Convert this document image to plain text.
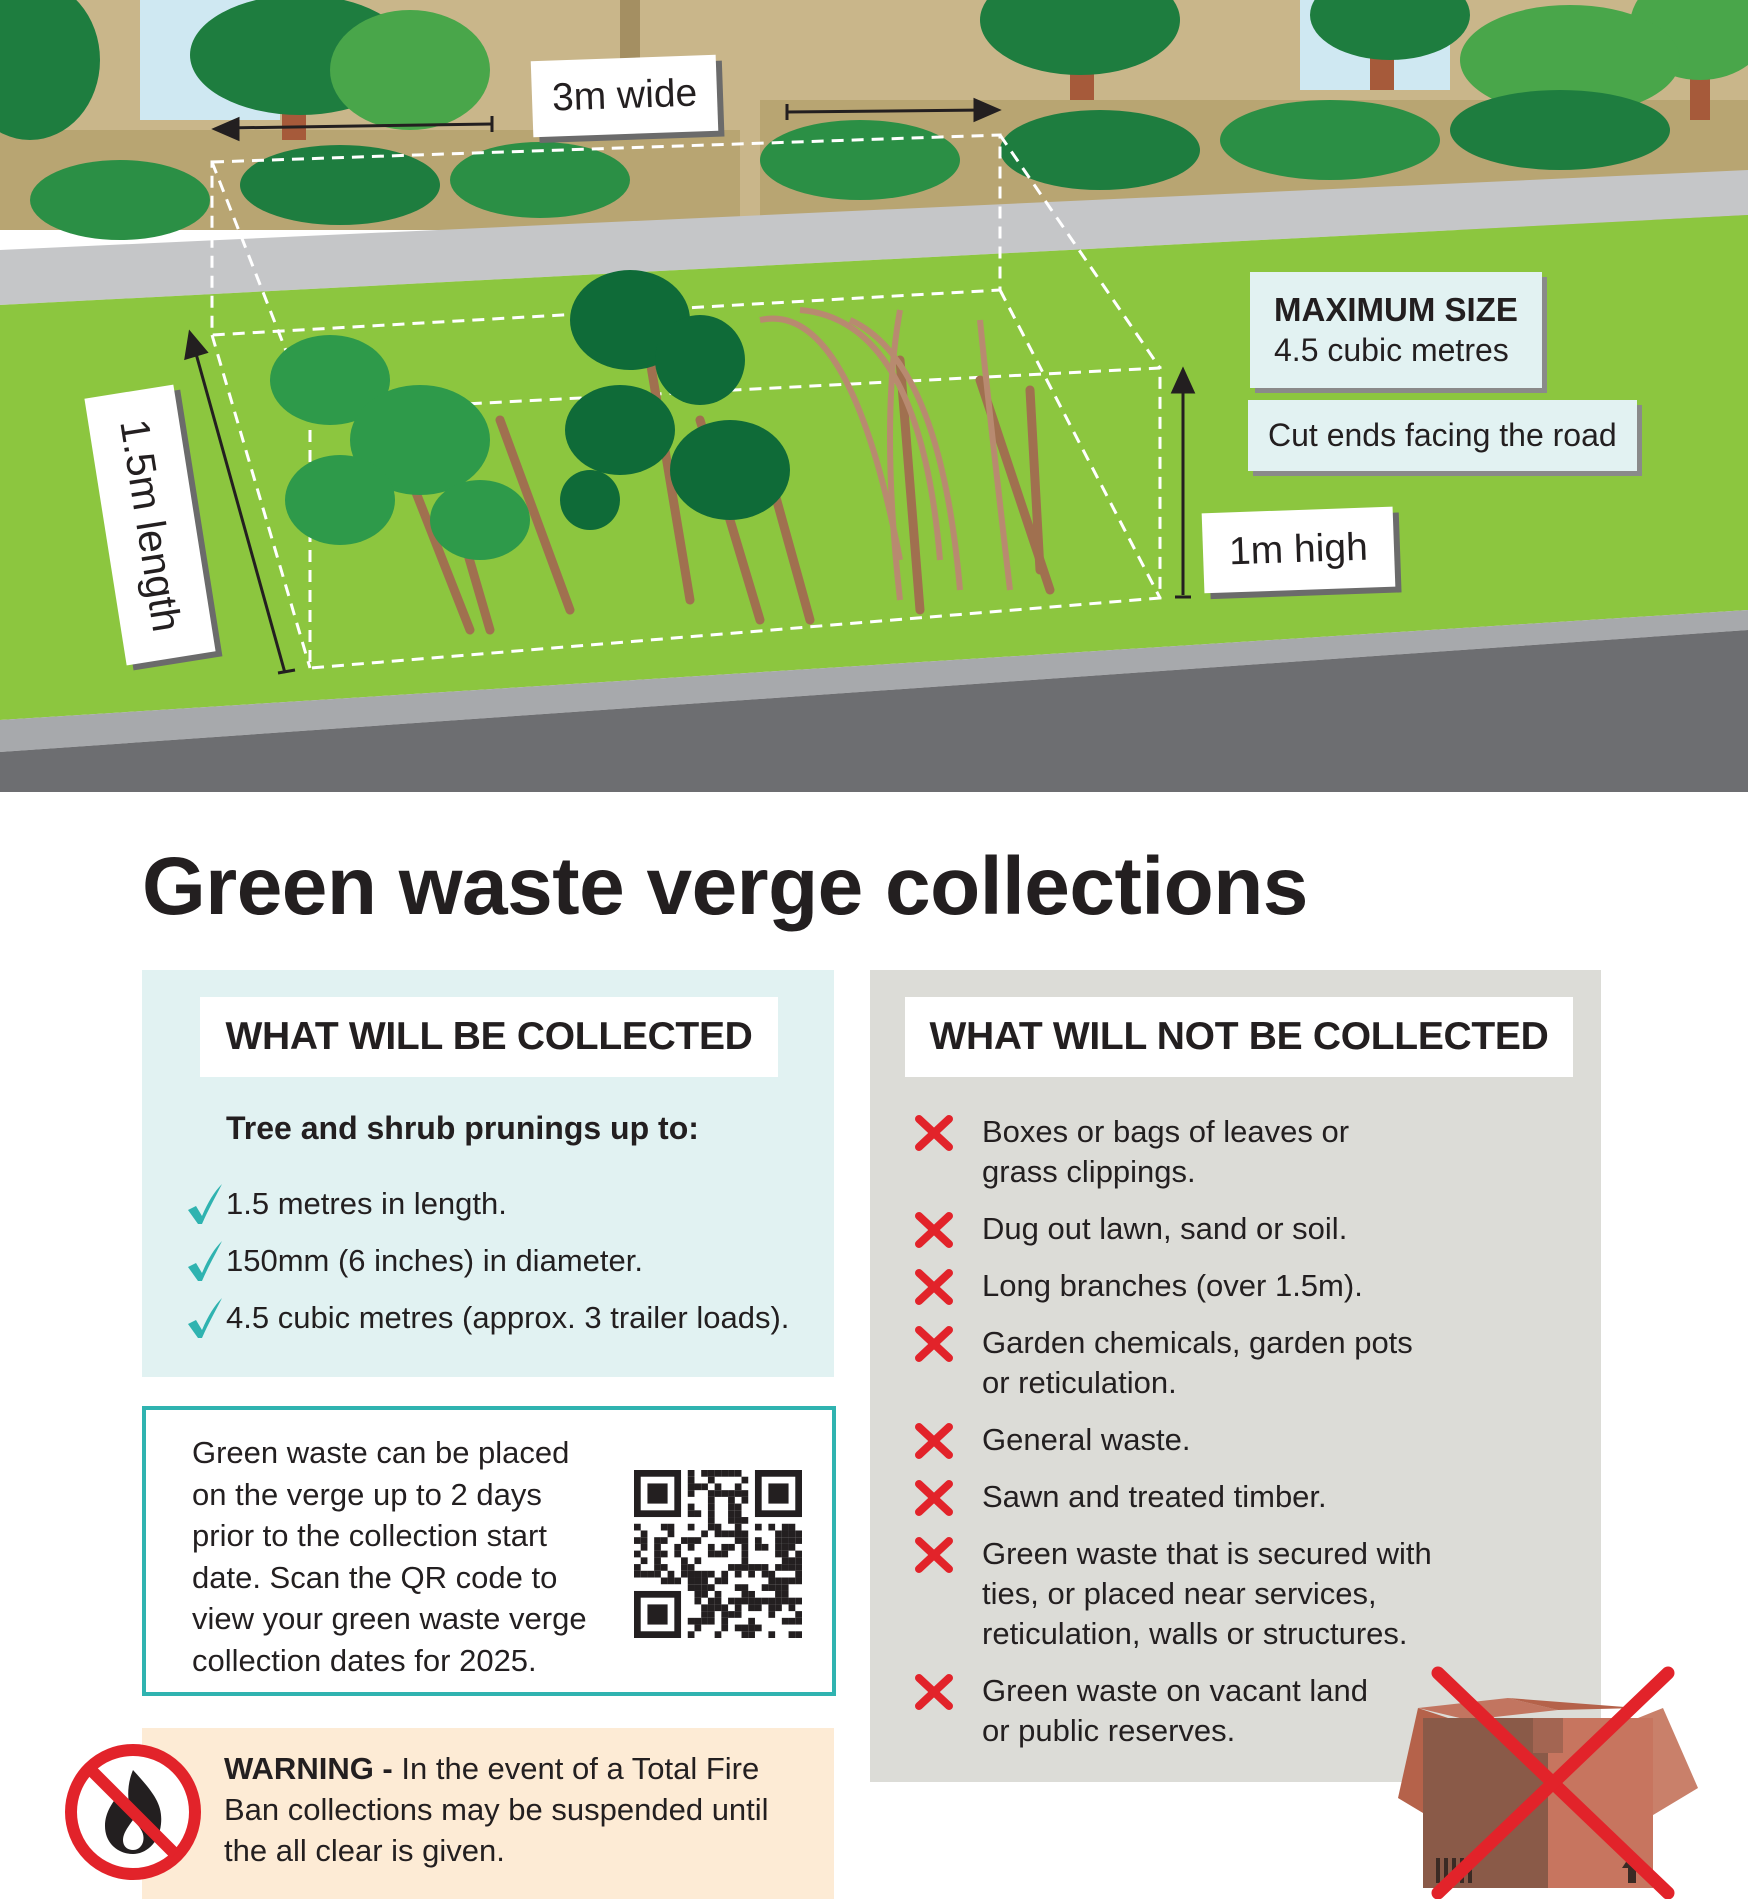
3m wide
1.5m length	1m high
MAXIMUM SIZE
4.5 cubic metres
Cut ends facing the road
Green waste verge collections
WHAT WILL BE COLLECTED
Tree and shrub prunings up to:
1.5 metres in length.
150mm (6 inches) in diameter.
4.5 cubic metres (approx. 3 trailer loads).
Green waste can be placed on the verge up to 2 days prior to the collection start date. Scan the QR code to view your green waste verge collection dates for 2025.
WARNING - In the event of a Total Fire Ban collections may be suspended until the all clear is given.
WHAT WILL NOT BE COLLECTED
Boxes or bags of leaves or
grass clippings.
Dug out lawn, sand or soil.
Long branches (over 1.5m).
Garden chemicals, garden pots
or reticulation.
General waste.
Sawn and treated timber.
Green waste that is secured with
ties, or placed near services,
reticulation, walls or structures.
Green waste on vacant land
or public reserves.
